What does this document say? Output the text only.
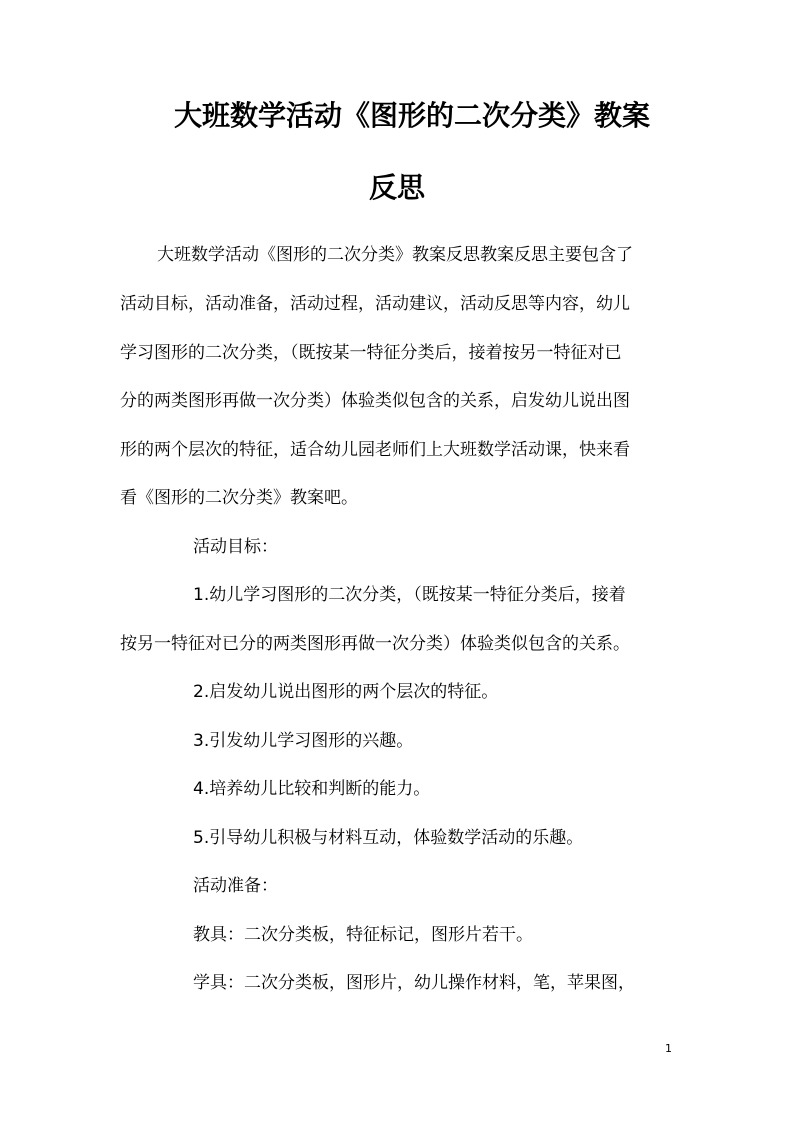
大班数学活动《图形的二次分类》教案
反思

大班数学活动《图形的二次分类》教案反思教案反思主要包含了

活动目标，活动准备，活动过程，活动建议，活动反思等内容，幼儿

学习图形的二次分类，（既按某一特征分类后，接着按另一特征对已

分的两类图形再做一次分类）体验类似包含的关系，启发幼儿说出图

形的两个层次的特征，适合幼儿园老师们上大班数学活动课，快来看

看《图形的二次分类》教案吧。

活动目标：

1.幼儿学习图形的二次分类，（既按某一特征分类后，接着

按另一特征对已分的两类图形再做一次分类）体验类似包含的关系。

2.启发幼儿说出图形的两个层次的特征。

3.引发幼儿学习图形的兴趣。

4.培养幼儿比较和判断的能力。

5.引导幼儿积极与材料互动，体验数学活动的乐趣。

活动准备：

教具：二次分类板，特征标记，图形片若干。

学具：二次分类板，图形片，幼儿操作材料，笔，苹果图，

1
